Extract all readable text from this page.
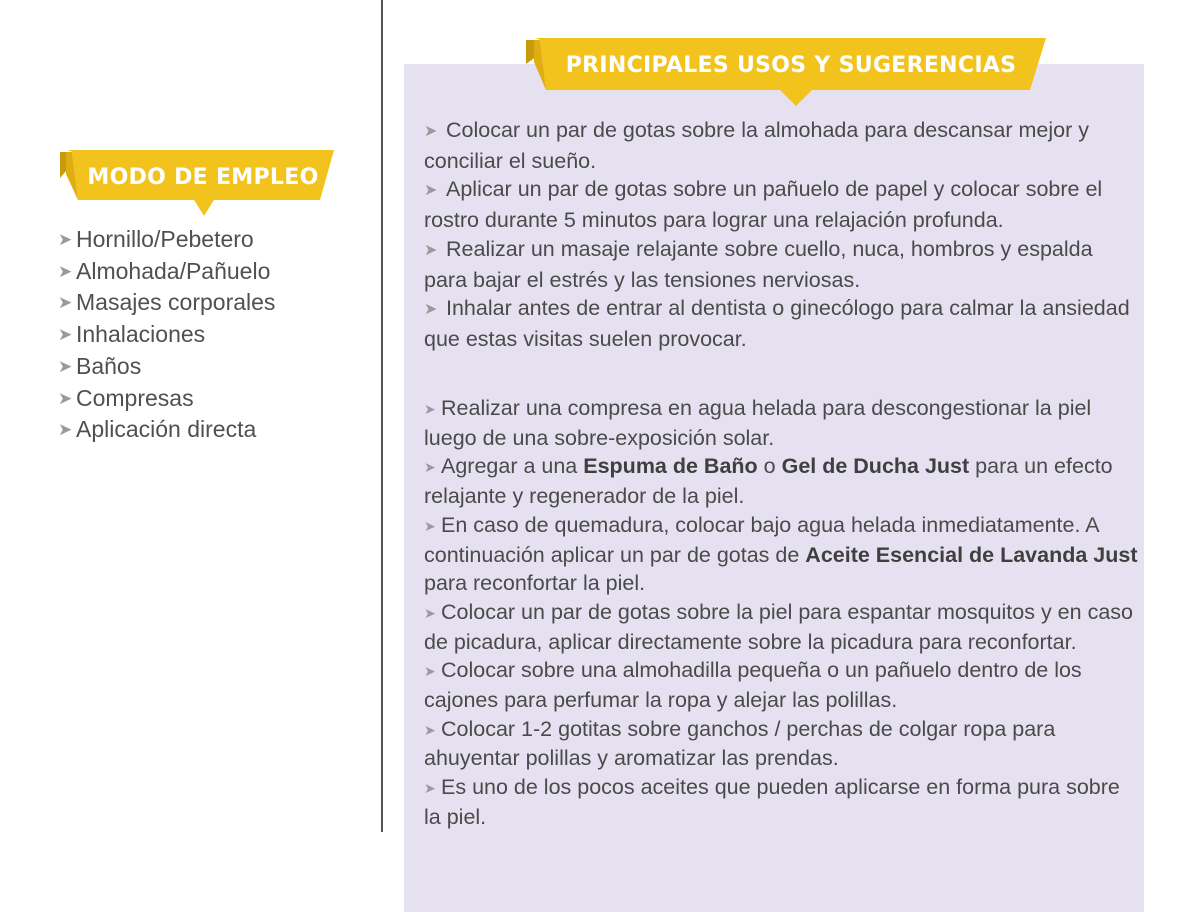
MODO DE EMPLEO
➤ Hornillo/Pebetero
➤ Almohada/Pañuelo
➤ Masajes corporales
➤ Inhalaciones
➤ Baños
➤ Compresas
➤ Aplicación directa
➤ Colocar un par de gotas sobre la almohada para descansar mejor y conciliar el sueño.
➤ Aplicar un par de gotas sobre un pañuelo de papel y colocar sobre el rostro durante 5 minutos para lograr una relajación profunda.
➤ Realizar un masaje relajante sobre cuello, nuca, hombros y espalda para bajar el estrés y las tensiones nerviosas.
➤ Inhalar antes de entrar al dentista o ginecólogo para calmar la ansiedad que estas visitas suelen provocar.
➤ Realizar una compresa en agua helada para descongestionar la piel luego de una sobre-exposición solar.
➤ Agregar a una Espuma de Baño o Gel de Ducha Just para un efecto relajante y regenerador de la piel.
➤ En caso de quemadura, colocar bajo agua helada inmediatamente. A continuación aplicar un par de gotas de Aceite Esencial de Lavanda Just para reconfortar la piel.
➤ Colocar un par de gotas sobre la piel para espantar mosquitos y en caso de picadura, aplicar directamente sobre la picadura para reconfortar.
➤ Colocar sobre una almohadilla pequeña o un pañuelo dentro de los cajones para perfumar la ropa y alejar las polillas.
➤ Colocar 1-2 gotitas sobre ganchos / perchas de colgar ropa para ahuyentar polillas y aromatizar las prendas.
➤ Es uno de los pocos aceites que pueden aplicarse en forma pura sobre la piel.
PRINCIPALES USOS Y SUGERENCIAS
